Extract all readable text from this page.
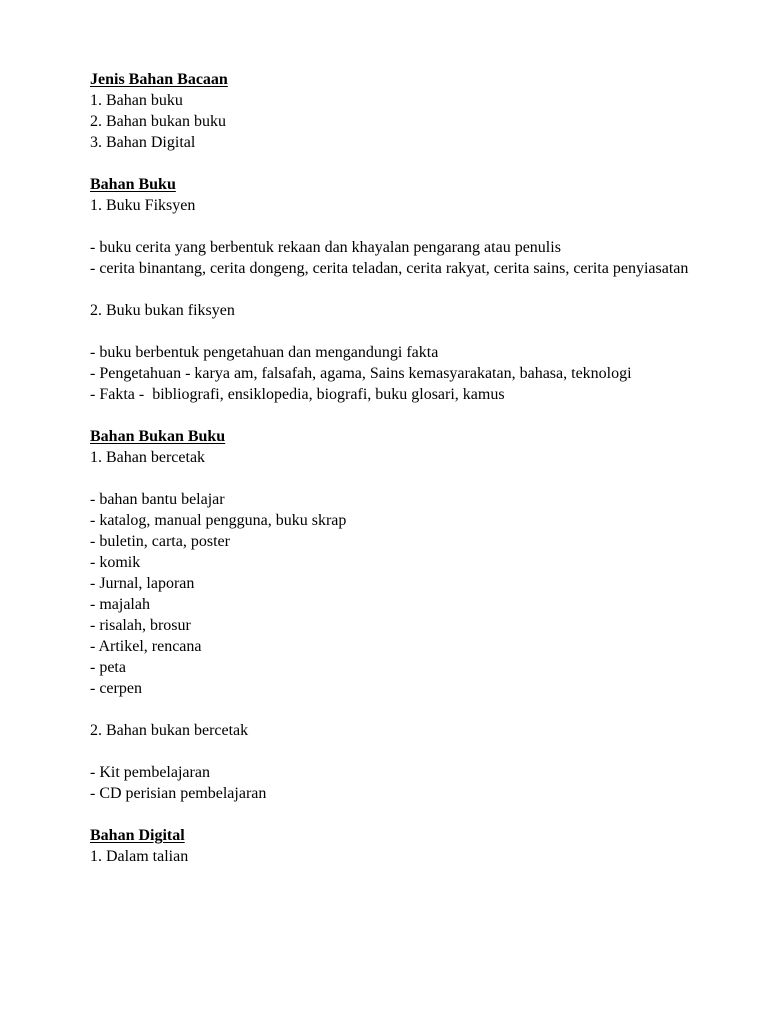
Jenis Bahan Bacaan

1. Bahan buku

2. Bahan bukan buku

3. Bahan Digital

Bahan Buku

1. Buku Fiksyen

- buku cerita yang berbentuk rekaan dan khayalan pengarang atau penulis

- cerita binantang, cerita dongeng, cerita teladan, cerita rakyat, cerita sains, cerita penyiasatan

2. Buku bukan fiksyen

- buku berbentuk pengetahuan dan mengandungi fakta

- Pengetahuan - karya am, falsafah, agama, Sains kemasyarakatan, bahasa, teknologi

- Fakta -  bibliografi, ensiklopedia, biografi, buku glosari, kamus

Bahan Bukan Buku

1. Bahan bercetak

- bahan bantu belajar

- katalog, manual pengguna, buku skrap

- buletin, carta, poster

- komik

- Jurnal, laporan

- majalah

- risalah, brosur

- Artikel, rencana

- peta

- cerpen

2. Bahan bukan bercetak

- Kit pembelajaran

- CD perisian pembelajaran

Bahan Digital

1. Dalam talian
